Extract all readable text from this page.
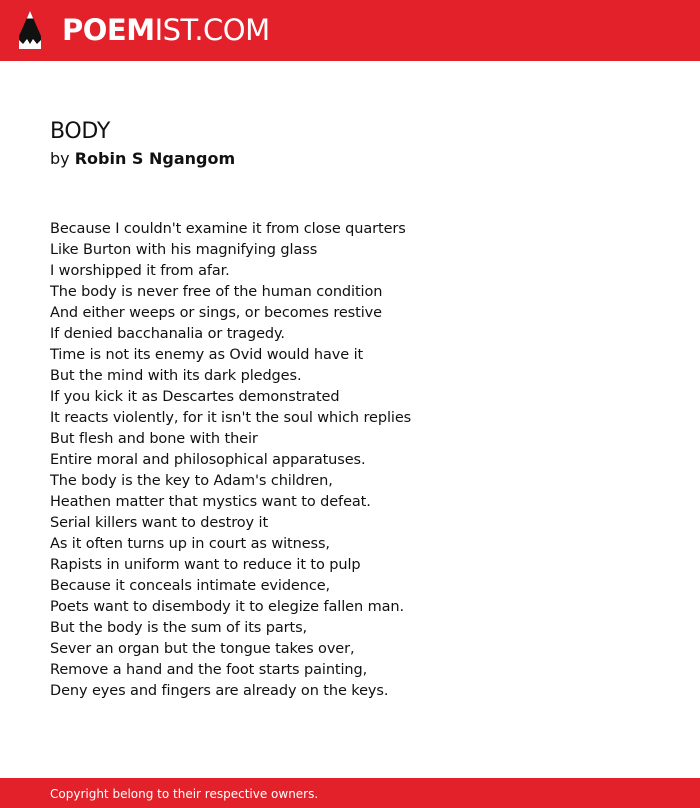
POEMIST.COM
BODY
by Robin S Ngangom
Because I couldn't examine it from close quarters
Like Burton with his magnifying glass
I worshipped it from afar.
The body is never free of the human condition
And either weeps or sings, or becomes restive
If denied bacchanalia or tragedy.
Time is not its enemy as Ovid would have it
But the mind with its dark pledges.
If you kick it as Descartes demonstrated
It reacts violently, for it isn't the soul which replies
But flesh and bone with their
Entire moral and philosophical apparatuses.
The body is the key to Adam's children,
Heathen matter that mystics want to defeat.
Serial killers want to destroy it
As it often turns up in court as witness,
Rapists in uniform want to reduce it to pulp
Because it conceals intimate evidence,
Poets want to disembody it to elegize fallen man.
But the body is the sum of its parts,
Sever an organ but the tongue takes over,
Remove a hand and the foot starts painting,
Deny eyes and fingers are already on the keys.
Copyright belong to their respective owners.
